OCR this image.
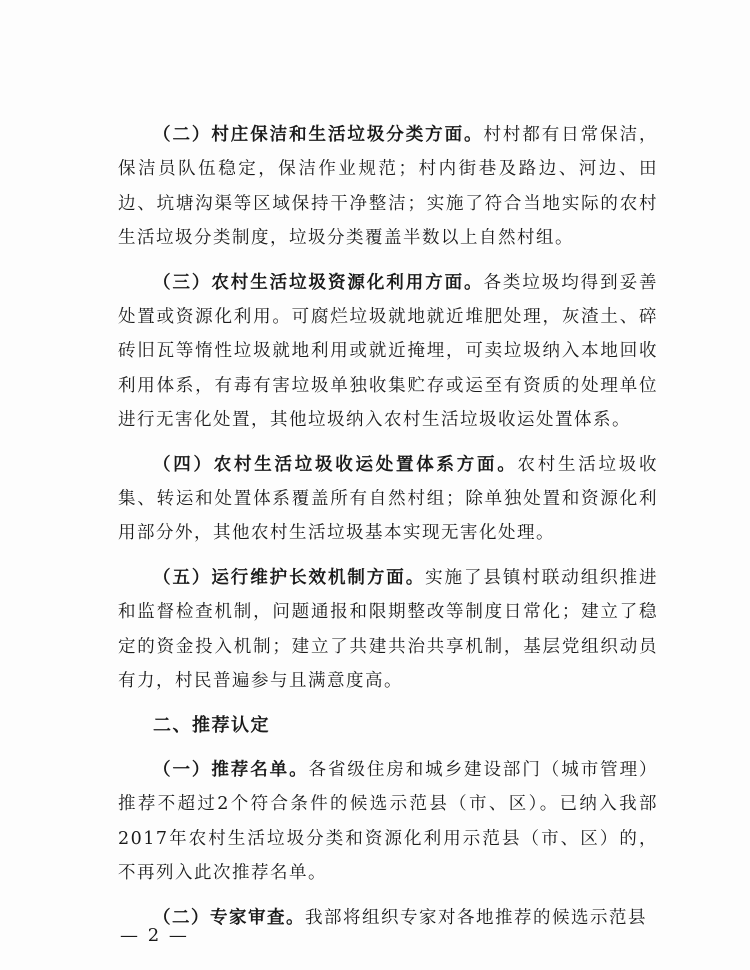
（二）村庄保洁和生活垃圾分类方面。村村都有日常保洁，保洁员队伍稳定，保洁作业规范；村内街巷及路边、河边、田边、坑塘沟渠等区域保持干净整洁；实施了符合当地实际的农村生活垃圾分类制度，垃圾分类覆盖半数以上自然村组。

（三）农村生活垃圾资源化利用方面。各类垃圾均得到妥善处置或资源化利用。可腐烂垃圾就地就近堆肥处理，灰渣土、碎砖旧瓦等惰性垃圾就地利用或就近掩埋，可卖垃圾纳入本地回收利用体系，有毒有害垃圾单独收集贮存或运至有资质的处理单位进行无害化处置，其他垃圾纳入农村生活垃圾收运处置体系。

（四）农村生活垃圾收运处置体系方面。农村生活垃圾收集、转运和处置体系覆盖所有自然村组；除单独处置和资源化利用部分外，其他农村生活垃圾基本实现无害化处理。

（五）运行维护长效机制方面。实施了县镇村联动组织推进和监督检查机制，问题通报和限期整改等制度日常化；建立了稳定的资金投入机制；建立了共建共治共享机制，基层党组织动员有力，村民普遍参与且满意度高。

二、推荐认定

（一）推荐名单。各省级住房和城乡建设部门（城市管理）推荐不超过2个符合条件的候选示范县（市、区）。已纳入我部2017年农村生活垃圾分类和资源化利用示范县（市、区）的，不再列入此次推荐名单。

（二）专家审查。我部将组织专家对各地推荐的候选示范县

— 2 —
